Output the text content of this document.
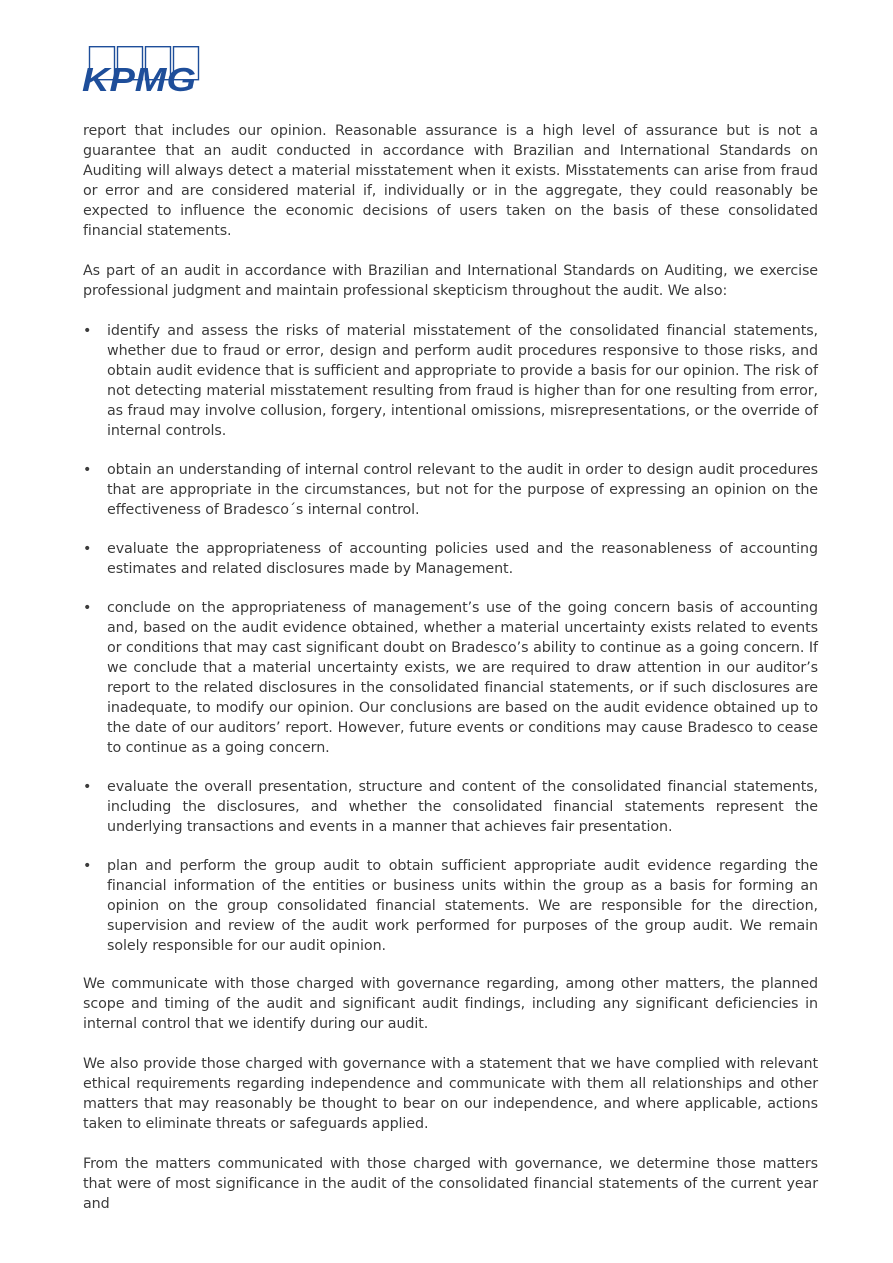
KPMG

report that includes our opinion. Reasonable assurance is a high level of assurance but is not a guarantee that an audit conducted in accordance with Brazilian and International Standards on Auditing will always detect a material misstatement when it exists. Misstatements can arise from fraud or error and are considered material if, individually or in the aggregate, they could reasonably be expected to influence the economic decisions of users taken on the basis of these consolidated financial statements.

As part of an audit in accordance with Brazilian and International Standards on Auditing, we exercise professional judgment and maintain professional skepticism throughout the audit. We also:

• identify and assess the risks of material misstatement of the consolidated financial statements, whether due to fraud or error, design and perform audit procedures responsive to those risks, and obtain audit evidence that is sufficient and appropriate to provide a basis for our opinion. The risk of not detecting material misstatement resulting from fraud is higher than for one resulting from error, as fraud may involve collusion, forgery, intentional omissions, misrepresentations, or the override of internal controls.
• obtain an understanding of internal control relevant to the audit in order to design audit procedures that are appropriate in the circumstances, but not for the purpose of expressing an opinion on the effectiveness of Bradesco´s internal control.
• evaluate the appropriateness of accounting policies used and the reasonableness of accounting estimates and related disclosures made by Management.
• conclude on the appropriateness of management’s use of the going concern basis of accounting and, based on the audit evidence obtained, whether a material uncertainty exists related to events or conditions that may cast significant doubt on Bradesco’s ability to continue as a going concern. If we conclude that a material uncertainty exists, we are required to draw attention in our auditor’s report to the related disclosures in the consolidated financial statements, or if such disclosures are inadequate, to modify our opinion. Our conclusions are based on the audit evidence obtained up to the date of our auditors’ report. However, future events or conditions may cause Bradesco to cease to continue as a going concern.
• evaluate the overall presentation, structure and content of the consolidated financial statements, including the disclosures, and whether the consolidated financial statements represent the underlying transactions and events in a manner that achieves fair presentation.
• plan and perform the group audit to obtain sufficient appropriate audit evidence regarding the financial information of the entities or business units within the group as a basis for forming an opinion on the group consolidated financial statements. We are responsible for the direction, supervision and review of the audit work performed for purposes of the group audit. We remain solely responsible for our audit opinion.

We communicate with those charged with governance regarding, among other matters, the planned scope and timing of the audit and significant audit findings, including any significant deficiencies in internal control that we identify during our audit.

We also provide those charged with governance with a statement that we have complied with relevant ethical requirements regarding independence and communicate with them all relationships and other matters that may reasonably be thought to bear on our independence, and where applicable, actions taken to eliminate threats or safeguards applied.

From the matters communicated with those charged with governance, we determine those matters that were of most significance in the audit of the consolidated financial statements of the current year and
